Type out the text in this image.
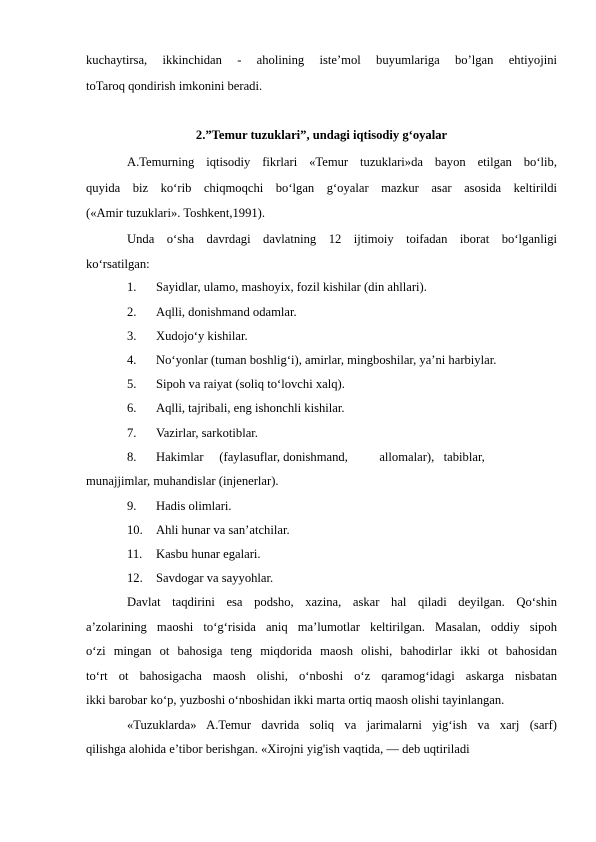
kuchaytirsa, ikkinchidan - aholining iste’mol buyumlariga bo’lgan ehtiyojini
toTaroq qondirish imkonini beradi.
2.”Temur tuzuklari”, undagi iqtisodiy g‘oyalar
A.Temurning iqtisodiy fikrlari «Temur tuzuklari»da bayon etilgan bo‘lib,
quyida biz ko‘rib chiqmoqchi bo‘lgan g‘oyalar mazkur asar asosida keltirildi
(«Amir tuzuklari». Toshkent,1991).
Unda o‘sha davrdagi davlatning 12 ijtimoiy toifadan iborat bo‘lganligi
ko‘rsatilgan:
1. Sayidlar, ulamo, mashoyix, fozil kishilar (din ahllari).
2. Aqlli, donishmand odamlar.
3. Xudojo‘y kishilar.
4. No‘yonlar (tuman boshlig‘i), amirlar, mingboshilar, ya’ni harbiylar.
5. Sipoh va raiyat (soliq to‘lovchi xalq).
6. Aqlli, tajribali, eng ishonchli kishilar.
7. Vazirlar, sarkotiblar.
8. Hakimlar     (faylasuflar, donishmand,          allomalar),   tabiblar,
munajjimlar, muhandislar (injenerlar).
9. Hadis olimlari.
10. Ahli hunar va san’atchilar.
11. Kasbu hunar egalari.
12. Savdogar va sayyohlar.
Davlat taqdirini esa podsho, xazina, askar hal qiladi deyilgan. Qo‘shin
a’zolarining maoshi to‘g‘risida aniq ma’lumotlar keltirilgan. Masalan, oddiy sipoh
o‘zi mingan ot bahosiga teng miqdorida maosh olishi, bahodirlar ikki ot bahosidan
to‘rt ot bahosigacha maosh olishi, o‘nboshi o‘z qaramog‘idagi askarga nisbatan
ikki barobar ko‘p, yuzboshi o‘nboshidan ikki marta ortiq maosh olishi tayinlangan.
«Tuzuklarda» A.Temur davrida soliq va jarimalarni yig‘ish va xarj (sarf)
qilishga alohida e’tibor berishgan. «Xirojni yig'ish vaqtida, — deb uqtiriladi
